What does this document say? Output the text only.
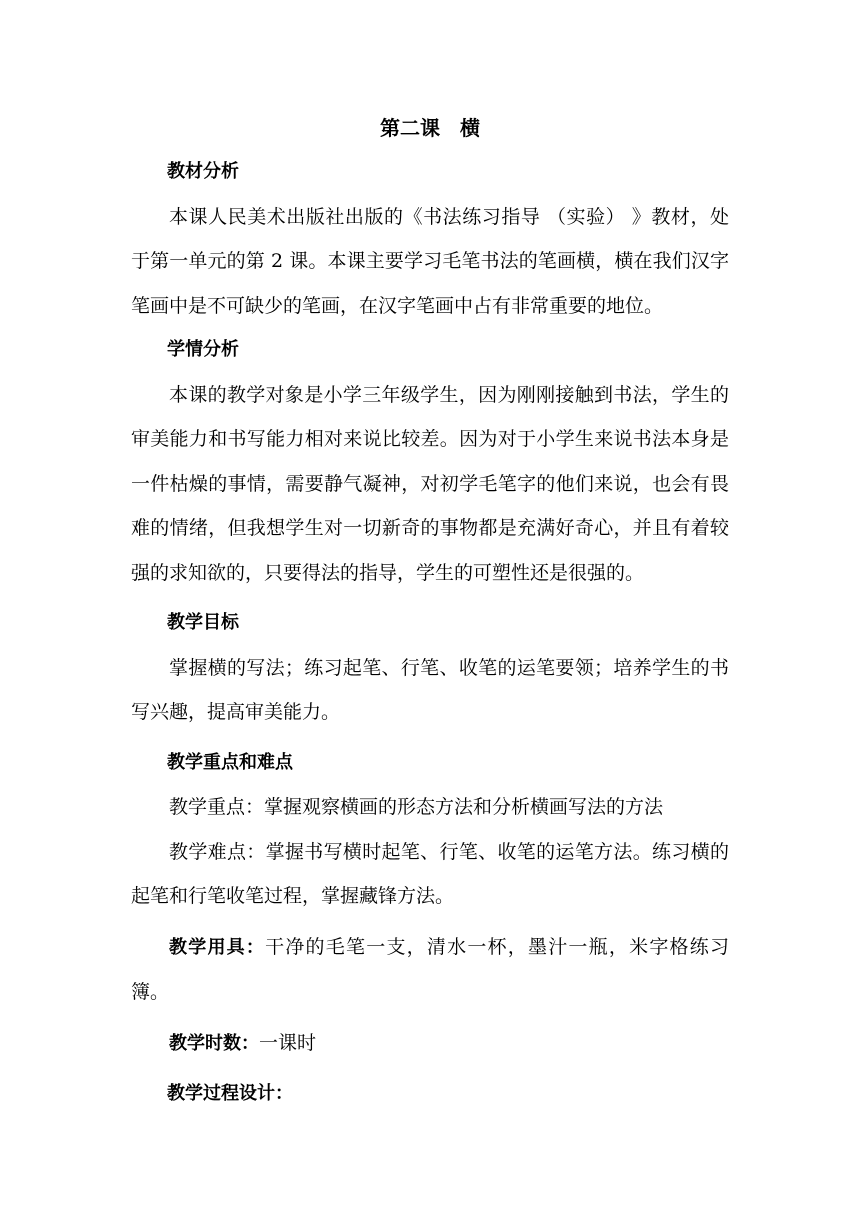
第二课　横

教材分析

本课人民美术出版社出版的《书法练习指导 （实验） 》教材，处于第一单元的第 2 课。本课主要学习毛笔书法的笔画横，横在我们汉字笔画中是不可缺少的笔画，在汉字笔画中占有非常重要的地位。

学情分析

本课的教学对象是小学三年级学生，因为刚刚接触到书法，学生的审美能力和书写能力相对来说比较差。因为对于小学生来说书法本身是一件枯燥的事情，需要静气凝神，对初学毛笔字的他们来说，也会有畏难的情绪，但我想学生对一切新奇的事物都是充满好奇心，并且有着较强的求知欲的，只要得法的指导，学生的可塑性还是很强的。

教学目标

掌握横的写法；练习起笔、行笔、收笔的运笔要领；培养学生的书写兴趣，提高审美能力。

教学重点和难点

教学重点：掌握观察横画的形态方法和分析横画写法的方法

教学难点：掌握书写横时起笔、行笔、收笔的运笔方法。练习横的起笔和行笔收笔过程，掌握藏锋方法。

教学用具：干净的毛笔一支，清水一杯，墨汁一瓶，米字格练习簿。

教学时数：一课时

教学过程设计：
